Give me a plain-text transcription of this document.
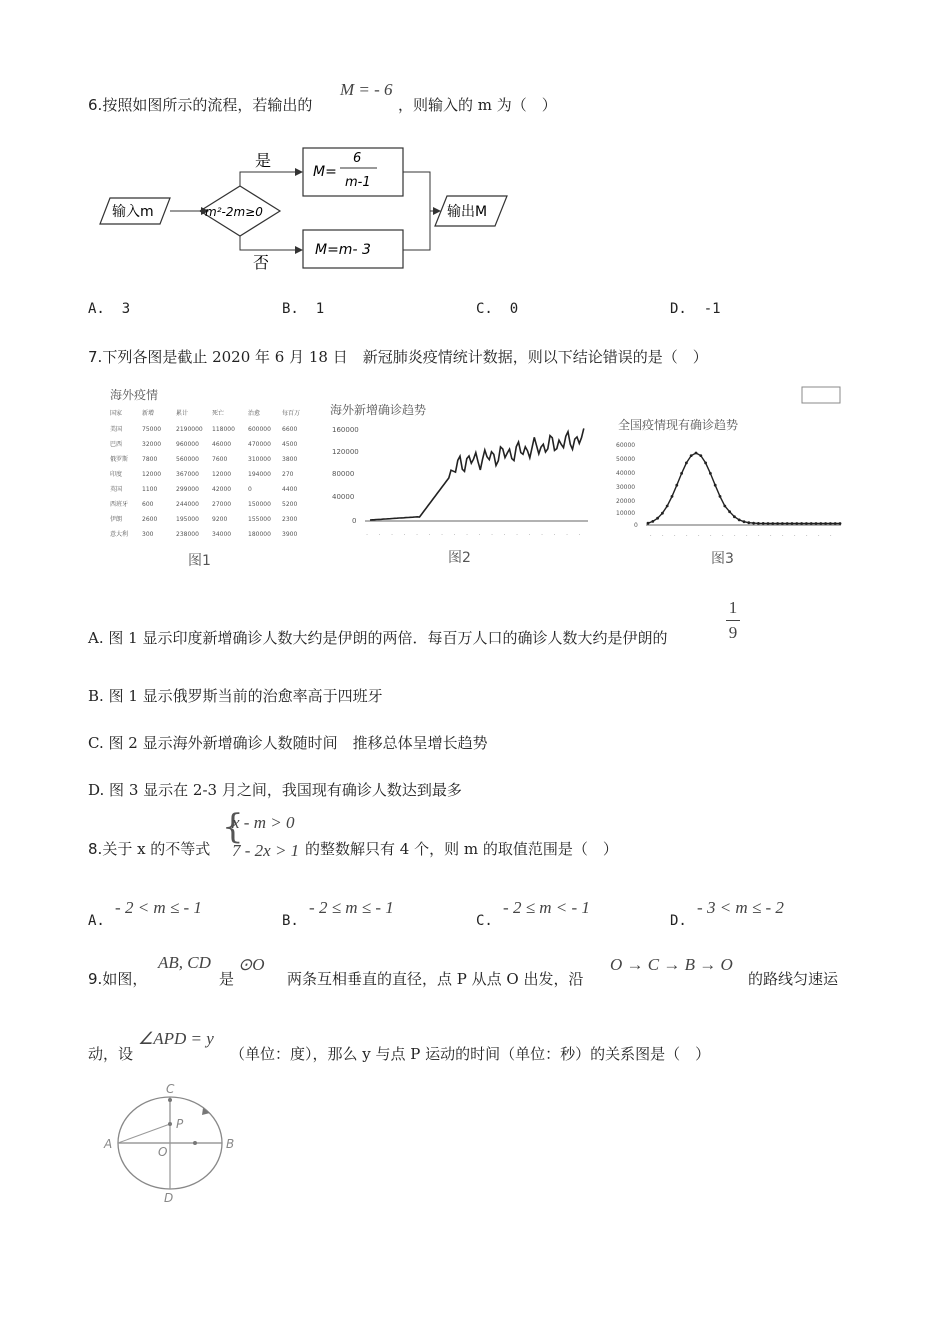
6.按照如图所示的流程，若输出的
M = - 6
，则输入的 m 为（　）
输入m	m²-2m≥0
是
M=
6
m-1
否
M=m- 3
输出M
A. 3	B. 1	C. 0	D. -1
7.下列各图是截止 2020 年 6 月 18 日　新冠肺炎疫情统计数据，则以下结论错误的是（　）
海外疫情
国家	新增	累计	死亡	治愈	每百万
美国	75000 2190000 118000 600000 6600
巴西	32000 960000 46000	470000 4500
俄罗斯 7800	560000 7600	310000 3800
印度	12000 367000 12000	194000 270
英国	1100	299000 42000	0	4400
西班牙 600	244000 27000	150000 5200
伊朗	2600	195000 9200	155000 2300
意大利 300	238000 34000	180000 3900
图1
海外新增确诊趋势
160000
120000
80000
40000
0
· · · · · · · · · · · · · · · · · ·
图2
全国疫情现有确诊趋势
60000
50000
40000
30000
20000
10000
0
· · · · · · · · · · · · · · · ·
图3
A. 图 1 显示印度新增确诊人数大约是伊朗的两倍．每百万人口的确诊人数大约是伊朗的
1
9
B. 图 1 显示俄罗斯当前的治愈率高于四班牙
C. 图 2 显示海外新增确诊人数随时间　推移总体呈增长趋势
D. 图 3 显示在 2-3 月之间，我国现有确诊人数达到最多
8.关于 x 的不等式
{
x - m > 0
7 - 2x > 1 的整数解只有 4 个，则 m 的取值范围是（　）
A.  - 2 < m ≤ - 1
B.  - 2 ≤ m ≤ - 1
C.  - 2 ≤ m < - 1
D.  - 3 < m ≤ - 2
9.如图，
AB, CD
是
⊙O
两条互相垂直的直径，点 P 从点 O 出发，沿
O → C → B → O
的路线匀速运
动，设
∠APD = y
（单位：度），那么 y 与点 P 运动的时间（单位：秒）的关系图是（　）
A	B
C
D
O
P
